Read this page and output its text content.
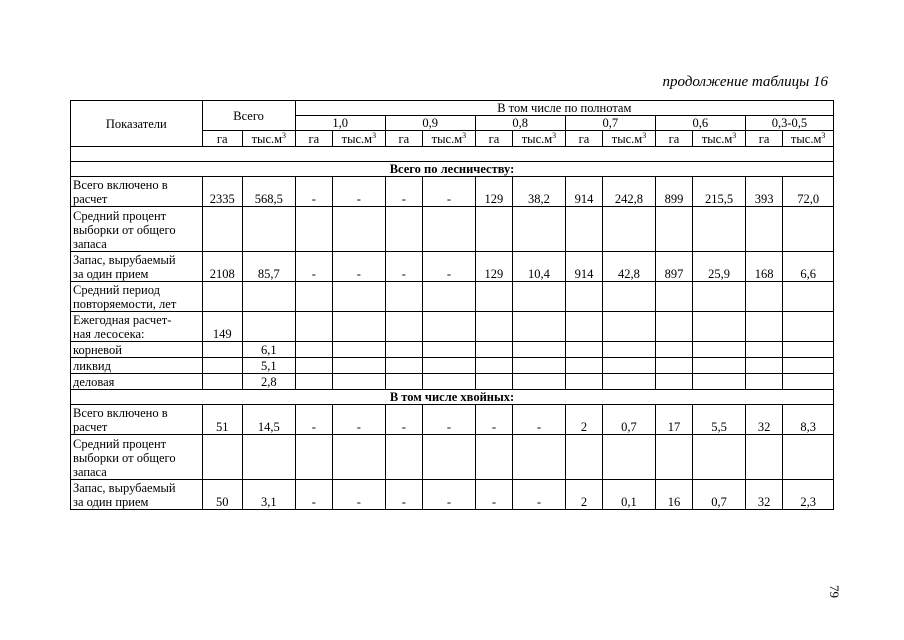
продолжение таблицы 16
Показатели	Всего		В том числе по полнотам											
			1,0		0,9		0,8		0,7		0,6		0,3-0,5	
	га	$тыс.м^3$	га	$тыс.м^3$	га	$тыс.м^3$	га	$тыс.м^3$	га	$тыс.м^3$	га	$тыс.м^3$	га	$тыс.м^3$

Всего по лесничеству:														

Всего включено в
расчет	2335	568,5	-	-	-	-	129	38,2	914	242,8	899	215,5	393	72,0

Средний процент
выборки от общего
запаса														

Запас, вырубаемый
за один прием	2108	85,7	-	-	-	-	129	10,4	914	42,8	897	25,9	168	6,6

Средний период
повторяемости, лет														

Ежегодная расчет-
ная лесосека:	149													

корневой		6,1												

ликвид		5,1												

деловая		2,8												
В том числе хвойных:														

Всего включено в
расчет	51	14,5	-	-	-	-	-	-	2	0,7	17	5,5	32	8,3

Средний процент
выборки от общего
запаса														

Запас, вырубаемый
за один прием	50	3,1	-	-	-	-	-	-	2	0,1	16	0,7	32	2,3
79
